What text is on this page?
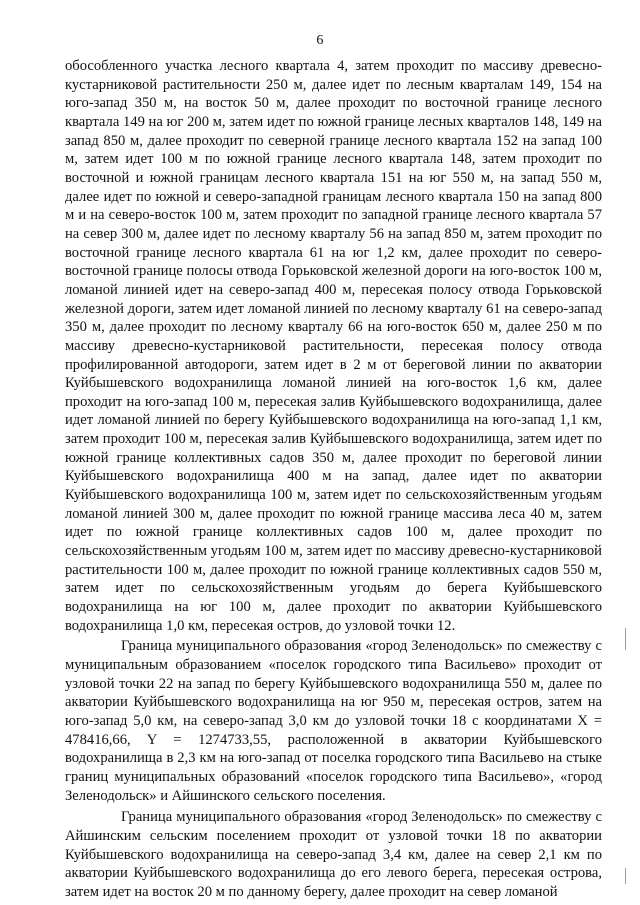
6

обособленного участка лесного квартала 4, затем проходит по массиву древесно-кустарниковой растительности 250 м, далее идет по лесным кварталам 149, 154 на юго-запад 350 м, на восток 50 м, далее проходит по восточной границе лесного квартала 149 на юг 200 м, затем идет по южной границе лесных кварталов 148, 149 на запад 850 м, далее проходит по северной границе лесного квартала 152 на запад 100 м, затем идет 100 м по южной границе лесного квартала 148, затем проходит по восточной и южной границам лесного квартала 151 на юг 550 м, на запад 550 м, далее идет по южной и северо-западной границам лесного квартала 150 на запад 800 м и на северо-восток 100 м, затем проходит по западной границе лесного квартала 57 на север 300 м, далее идет по лесному кварталу 56 на запад 850 м, затем проходит по восточной границе лесного квартала 61 на юг 1,2 км, далее проходит по северо-восточной границе полосы отвода Горьковской железной дороги на юго-восток 100 м, ломаной линией идет на северо-запад 400 м, пересекая полосу отвода Горьковской железной дороги, затем идет ломаной линией по лесному кварталу 61 на северо-запад 350 м, далее проходит по лесному кварталу 66 на юго-восток 650 м, далее 250 м по массиву древесно-кустарниковой растительности, пересекая полосу отвода профилированной автодороги, затем идет в 2 м от береговой линии по акватории Куйбышевского водохранилища ломаной линией на юго-восток 1,6 км, далее проходит на юго-запад 100 м, пересекая залив Куйбышевского водохранилища, далее идет ломаной линией по берегу Куйбышевского водохранилища на юго-запад 1,1 км, затем проходит 100 м, пересекая залив Куйбышевского водохранилища, затем идет по южной границе коллективных садов 350 м, далее проходит по береговой линии Куйбышевского водохранилища 400 м на запад, далее идет по акватории Куйбышевского водохранилища 100 м, затем идет по сельскохозяйственным угодьям ломаной линией 300 м, далее проходит по южной границе массива леса 40 м, затем идет по южной границе коллективных садов 100 м, далее проходит по сельскохозяйственным угодьям 100 м, затем идет по массиву древесно-кустарниковой растительности 100 м, далее проходит по южной границе коллективных садов 550 м, затем идет по сельскохозяйственным угодьям до берега Куйбышевского водохранилища на юг 100 м, далее проходит по акватории Куйбышевского водохранилища 1,0 км, пересекая остров, до узловой точки 12.

Граница муниципального образования «город Зеленодольск» по смежеству с муниципальным образованием «поселок городского типа Васильево» проходит от узловой точки 22 на запад по берегу Куйбышевского водохранилища 550 м, далее по акватории Куйбышевского водохранилища на юг 950 м, пересекая остров, затем на юго-запад 5,0 км, на северо-запад 3,0 км до узловой точки 18 с координатами X = 478416,66, Y = 1274733,55, расположенной в акватории Куйбышевского водохранилища в 2,3 км на юго-запад от поселка городского типа Васильево на стыке границ муниципальных образований «поселок городского типа Васильево», «город Зеленодольск» и Айшинского сельского поселения.

Граница муниципального образования «город Зеленодольск» по смежеству с Айшинским сельским поселением проходит от узловой точки 18 по акватории Куйбышевского водохранилища на северо-запад 3,4 км, далее на север 2,1 км по акватории Куйбышевского водохранилища до его левого берега, пересекая острова, затем идет на восток 20 м по данному берегу, далее проходит на север ломаной
